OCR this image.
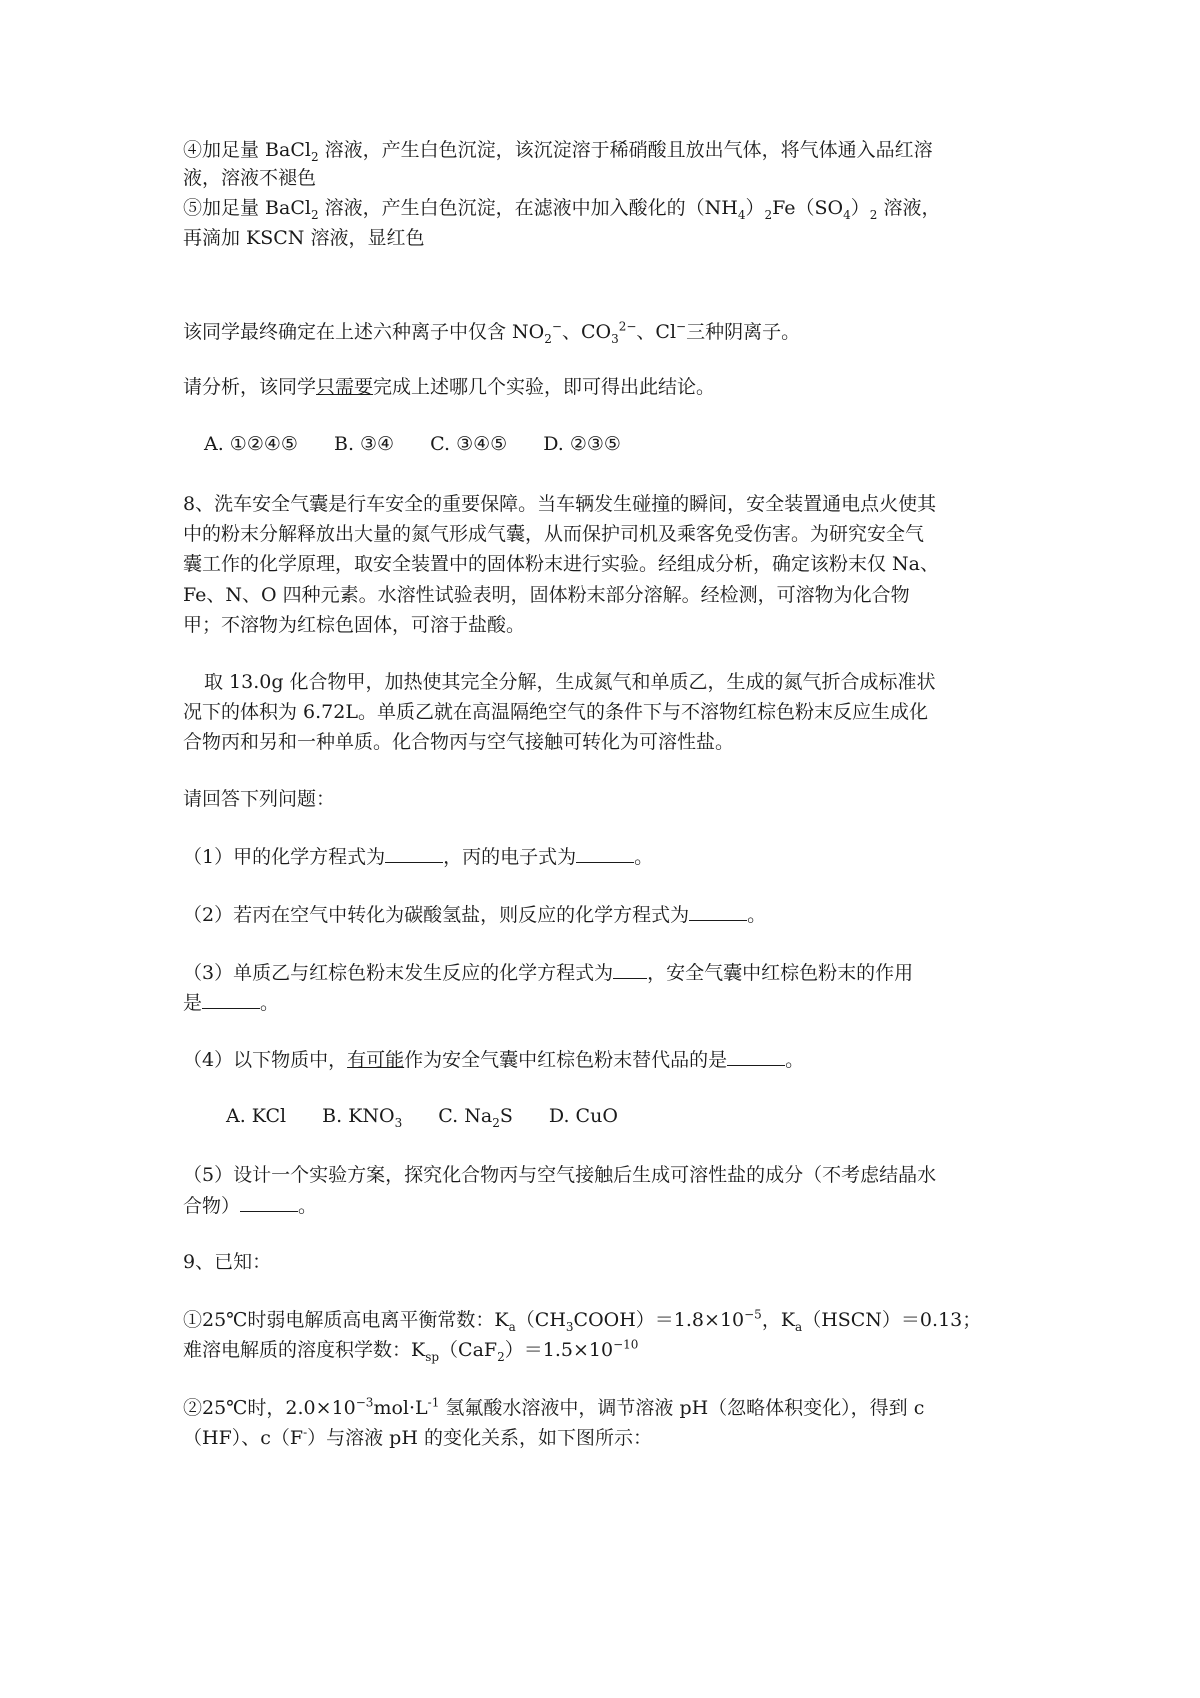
④加足量 BaCl$_2$ 溶液，产生白色沉淀，该沉淀溶于稀硝酸且放出气体，将气体通入品红溶
液，溶液不褪色
⑤加足量 BaCl$_2$ 溶液，产生白色沉淀，在滤液中加入酸化的$(NH_4)_2Fe(SO_4)_2$ 溶液，
再滴加 KSCN 溶液，显红色
该同学最终确定在上述六种离子中仅含 $NO_2^-$、$CO_3^{2-}$、Cl−三种阴离子。
请分析，该同学只需要完成上述哪几个实验，即可得出此结论。
A. ①②④⑤ B. ③④ C. ③④⑤ D. ②③⑤
8、洗车安全气囊是行车安全的重要保障。当车辆发生碰撞的瞬间，安全装置通电点火使其
中的粉末分解释放出大量的氮气形成气囊，从而保护司机及乘客免受伤害。为研究安全气
囊工作的化学原理，取安全装置中的固体粉末进行实验。经组成分析，确定该粉末仅 Na、
Fe、N、O 四种元素。水溶性试验表明，固体粉末部分溶解。经检测，可溶物为化合物
甲；不溶物为红棕色固体，可溶于盐酸。
取 13.0g 化合物甲，加热使其完全分解，生成氮气和单质乙，生成的氮气折合成标准状
况下的体积为 6.72L。单质乙就在高温隔绝空气的条件下与不溶物红棕色粉末反应生成化
合物丙和另和一种单质。化合物丙与空气接触可转化为可溶性盐。
请回答下列问题：
（1）甲的化学方程式为	，丙的电子式为	。
（2）若丙在空气中转化为碳酸氢盐，则反应的化学方程式为	。
（3）单质乙与红棕色粉末发生反应的化学方程式为 ，安全气囊中红棕色粉末的作用
是	。
（4）以下物质中，有可能作为安全气囊中红棕色粉末替代品的是	。
A. KCl B. $KNO_3$ C. $Na_2S$ D. CuO
（5）设计一个实验方案，探究化合物丙与空气接触后生成可溶性盐的成分（不考虑结晶水
合物）	。
9、已知：
①25℃时弱电解质高电离平衡常数：$K_a(CH_3COOH)=1.8\times 10^{-5}$，$K_a(HSCN)=0.13$；
难溶电解质的溶度积学数：$K_{sp}(CaF_2)=1.5\times 10^{-10}$
②25℃时，$2.0\times 10^{-3}mol\cdot L^{-1}$ 氢氟酸水溶液中，调节溶液 pH（忽略体积变化），得到 c
（HF）、c（F-）与溶液 pH 的变化关系，如下图所示：
